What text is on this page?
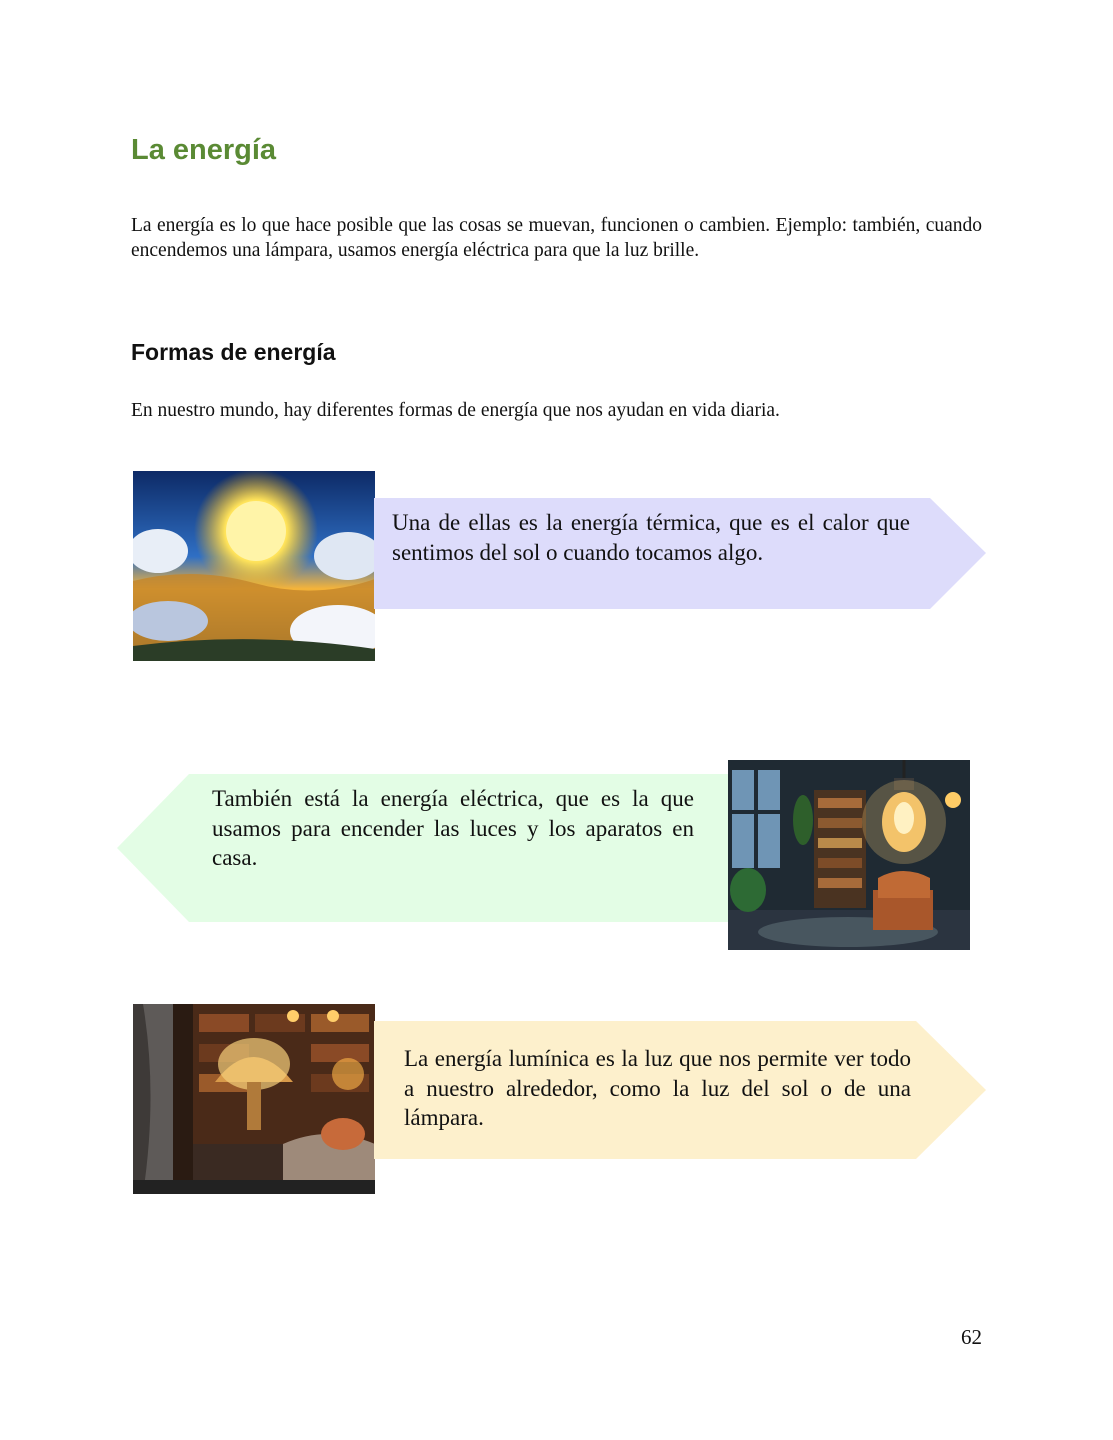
La energía

La energía es lo que hace posible que las cosas se muevan, funcionen o cambien. Ejemplo: también, cuando encendemos una lámpara, usamos energía eléctrica para que la luz brille.

Formas de energía

En nuestro mundo, hay diferentes formas de energía que nos ayudan en vida diaria.

Una de ellas es la energía térmica, que es el calor que sentimos del sol o cuando tocamos algo.

También está la energía eléctrica, que es la que usamos para encender las luces y los aparatos en casa.

La energía lumínica es la luz que nos permite ver todo a nuestro alrededor, como la luz del sol o de una lámpara.

62
